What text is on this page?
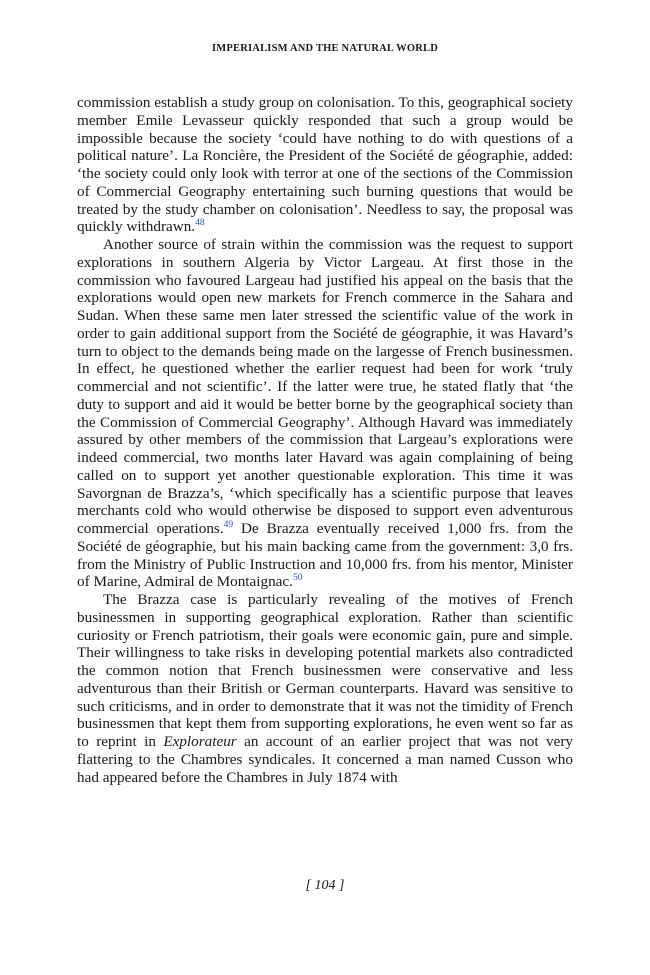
IMPERIALISM AND THE NATURAL WORLD

commission establish a study group on colonisation. To this, geographical society member Emile Levasseur quickly responded that such a group would be impossible because the society ‘could have nothing to do with questions of a political nature’. La Roncière, the President of the Société de géographie, added: ‘the society could only look with terror at one of the sections of the Commission of Commercial Geography entertaining such burning questions that would be treated by the study chamber on colonisation’. Needless to say, the proposal was quickly withdrawn.$^{48}$

Another source of strain within the commission was the request to support explorations in southern Algeria by Victor Largeau. At first those in the commission who favoured Largeau had justified his appeal on the basis that the explorations would open new markets for French commerce in the Sahara and Sudan. When these same men later stressed the scientific value of the work in order to gain additional support from the Société de géographie, it was Havard’s turn to object to the demands being made on the largesse of French businessmen. In effect, he questioned whether the earlier request had been for work ‘truly commercial and not scientific’. If the latter were true, he stated flatly that ‘the duty to support and aid it would be better borne by the geographical society than the Commission of Commercial Geography’. Although Havard was immediately assured by other members of the commission that Largeau’s explorations were indeed commercial, two months later Havard was again complaining of being called on to support yet another questionable exploration. This time it was Savorgnan de Brazza’s, ‘which specifically has a scientific purpose that leaves merchants cold who would otherwise be disposed to support even adventurous commercial operations.$^{49}$ De Brazza eventually received 1,000 frs. from the Société de géographie, but his main backing came from the government: 3,0 frs. from the Ministry of Public Instruction and 10,000 frs. from his mentor, Minister of Marine, Admiral de Montaignac.$^{50}$

The Brazza case is particularly revealing of the motives of French businessmen in supporting geographical exploration. Rather than scientific curiosity or French patriotism, their goals were economic gain, pure and simple. Their willingness to take risks in developing potential markets also contradicted the common notion that French businessmen were conservative and less adventurous than their British or German counterparts. Havard was sensitive to such criticisms, and in order to demonstrate that it was not the timidity of French businessmen that kept them from supporting explorations, he even went so far as to reprint in Explorateur an account of an earlier project that was not very flattering to the Chambres syndicales. It concerned a man named Cusson who had appeared before the Chambres in July 1874 with

[ 104 ]
